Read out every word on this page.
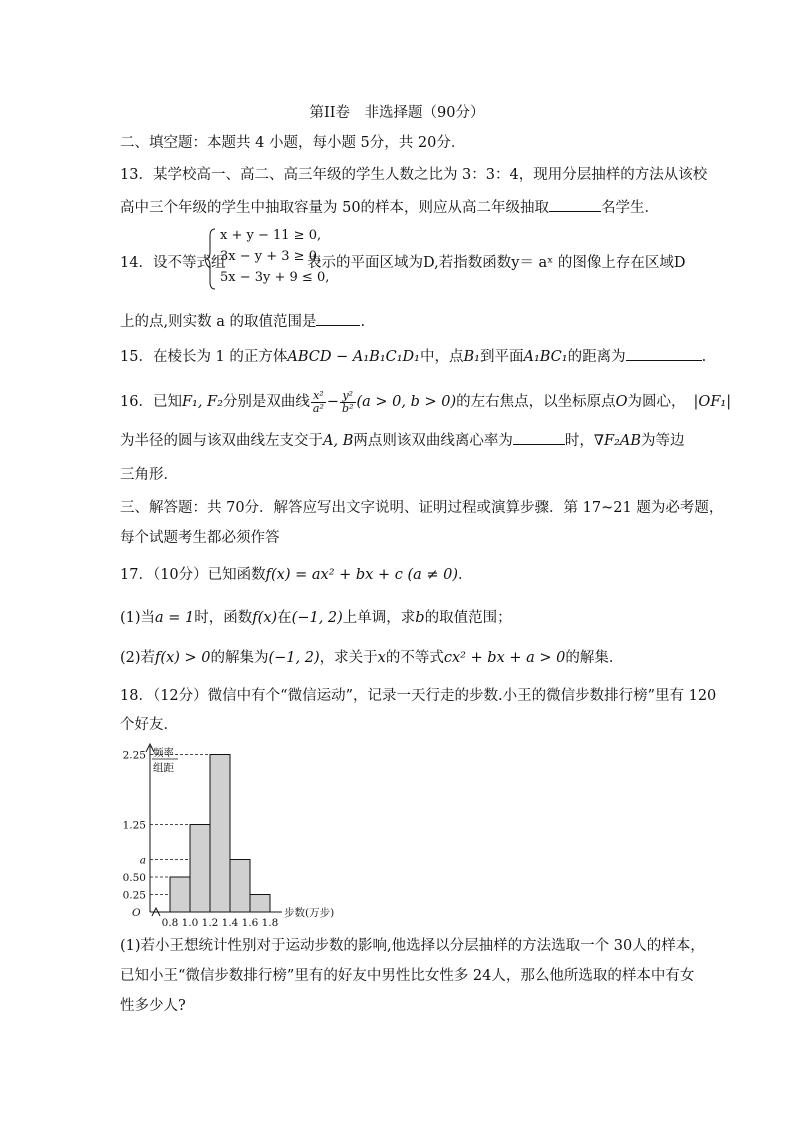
第II卷　非选择题（90分）
二、填空题：本题共 4 小题，每小题 5分，共 20分．
13．某学校高一、高二、高三年级的学生人数之比为 3：3：4，现用分层抽样的方法从该校
高中三个年级的学生中抽取容量为 50的样本，则应从高二年级抽取	名学生．
14．设不等式组
x + y − 11 ≥ 0,
3x − y + 3 ≥ 0,
5x − 3y + 9 ≤ 0,
表示的平面区域为D,若指数函数y＝ aˣ 的图像上存在区域D
上的点,则实数 a 的取值范围是	.
15．在棱长为 1 的正方体ABCD − A₁B₁C₁D₁中，点B₁到平面A₁BC₁的距离为	.
16．已知F₁, F₂分别是双曲线 $\frac{\text{x²}}{\text{a²}} - \frac{\text{y²}}{\text{b²}} (a > 0$, b > 0)的左右焦点，以坐标原点O为圆心， |OF₁|
为半径的圆与该双曲线左支交于A, B两点则该双曲线离心率为	时，∇F₂AB为等边
三角形．
三、解答题：共 70分．解答应写出文字说明、证明过程或演算步骤．第 17~21 题为必考题，
每个试题考生都必须作答
17．（10分）已知函数f(x) = ax² + bx + c (a ≠ 0)．
(1)当a = 1时，函数f(x)在(−1, 2)上单调，求b的取值范围；
(2)若f(x) > 0的解集为(−1, 2)，求关于x的不等式cx² + bx + a > 0的解集．
18．（12分）微信中有个“微信运动”，记录一天行走的步数.小王的微信步数排行榜”里有 120
个好友．
频率
组距
O	步数(万步)
0.25
0.50
a
1.25
2.25
0.8 1.0 1.2 1.4 1.6 1.8
(1)若小王想统计性别对于运动步数的影响,他选择以分层抽样的方法选取一个 30人的样本，
已知小王“微信步数排行榜”里有的好友中男性比女性多 24人，那么他所选取的样本中有女
性多少人?
